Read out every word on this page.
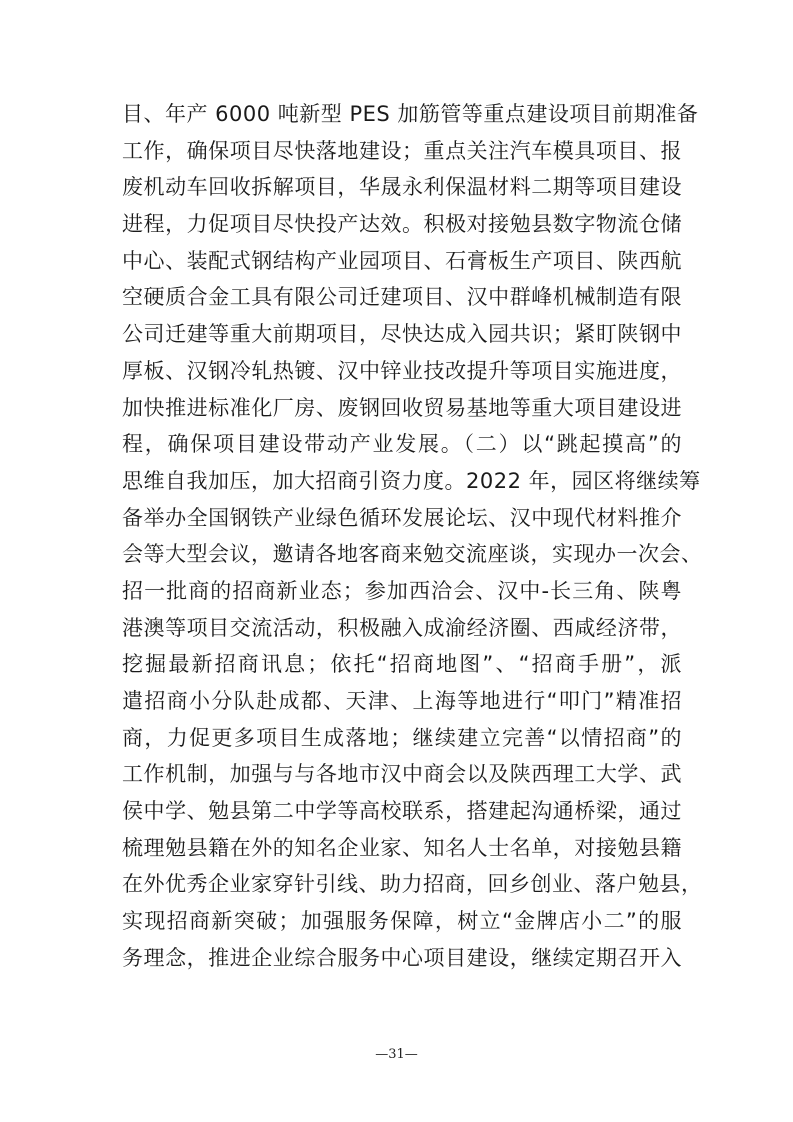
目、年产 6000 吨新型 PES 加筋管等重点建设项目前期准备
工作，确保项目尽快落地建设；重点关注汽车模具项目、报
废机动车回收拆解项目，华晟永利保温材料二期等项目建设
进程，力促项目尽快投产达效。积极对接勉县数字物流仓储
中心、装配式钢结构产业园项目、石膏板生产项目、陕西航
空硬质合金工具有限公司迁建项目、汉中群峰机械制造有限
公司迁建等重大前期项目，尽快达成入园共识；紧盯陕钢中
厚板、汉钢冷轧热镀、汉中锌业技改提升等项目实施进度，
加快推进标准化厂房、废钢回收贸易基地等重大项目建设进
程，确保项目建设带动产业发展。（二）以“跳起摸高”的
思维自我加压，加大招商引资力度。2022 年，园区将继续筹
备举办全国钢铁产业绿色循环发展论坛、汉中现代材料推介
会等大型会议，邀请各地客商来勉交流座谈，实现办一次会、
招一批商的招商新业态；参加西洽会、汉中-长三角、陕粤
港澳等项目交流活动，积极融入成渝经济圈、西咸经济带，
挖掘最新招商讯息；依托“招商地图”、“招商手册”，派
遣招商小分队赴成都、天津、上海等地进行“叩门”精准招
商，力促更多项目生成落地；继续建立完善“以情招商”的
工作机制，加强与与各地市汉中商会以及陕西理工大学、武
侯中学、勉县第二中学等高校联系，搭建起沟通桥梁，通过
梳理勉县籍在外的知名企业家、知名人士名单，对接勉县籍
在外优秀企业家穿针引线、助力招商，回乡创业、落户勉县，
实现招商新突破；加强服务保障，树立“金牌店小二”的服
务理念，推进企业综合服务中心项目建设，继续定期召开入
—31—
